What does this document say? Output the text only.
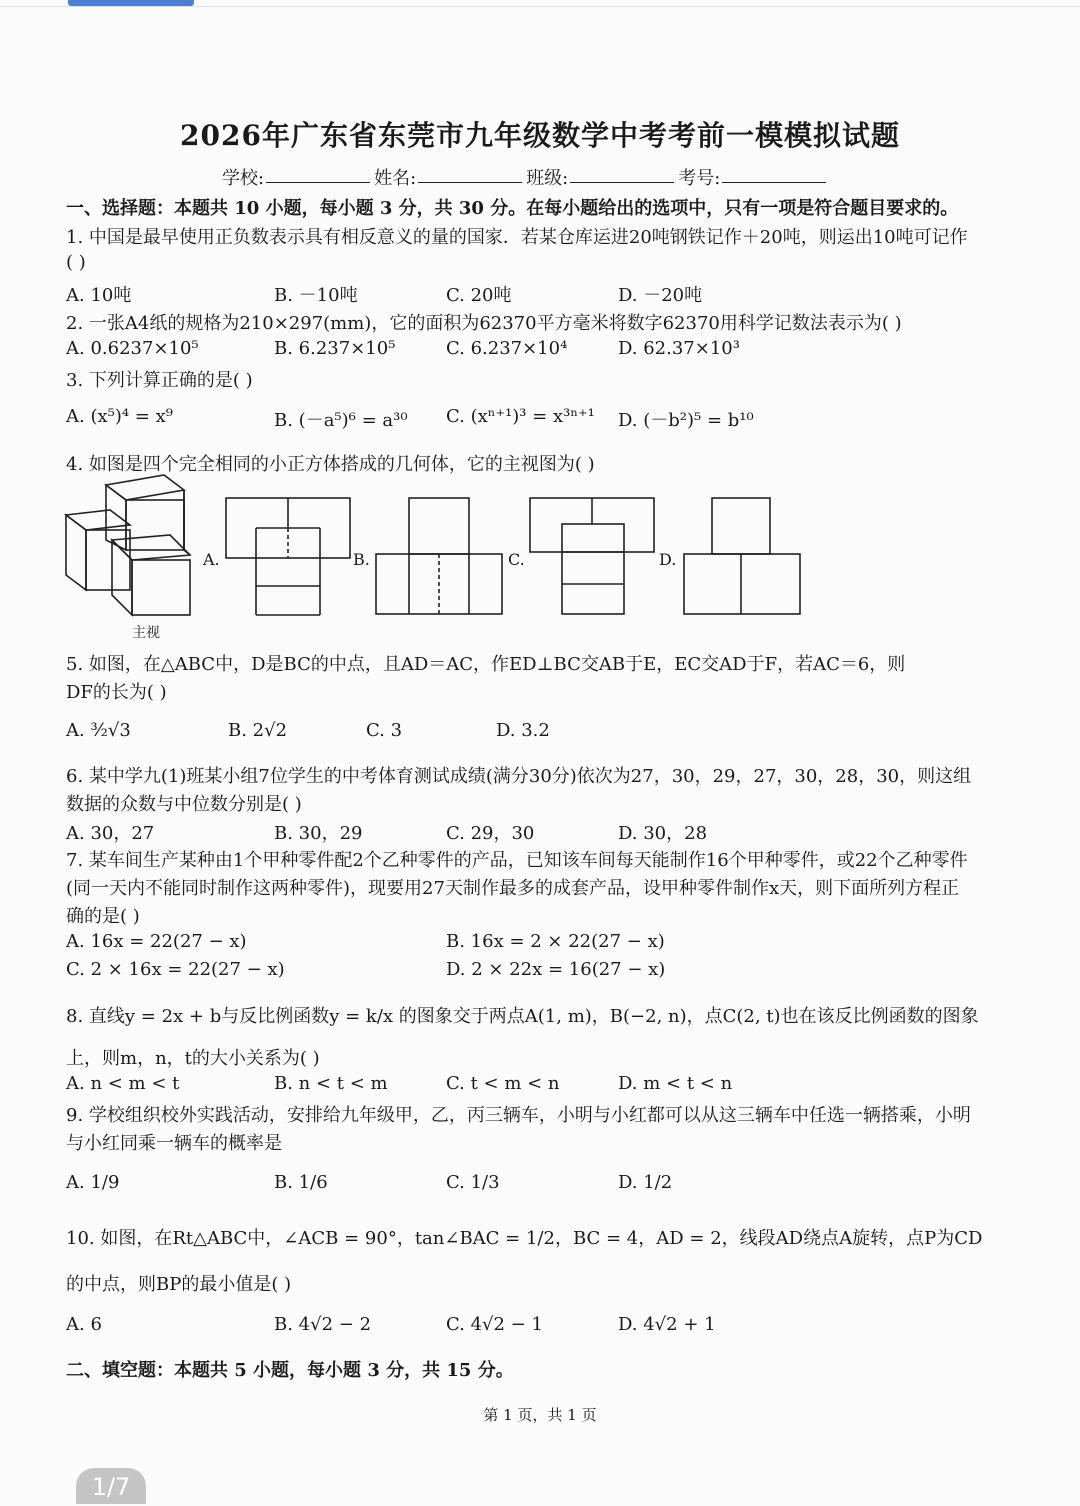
2026年广东省东莞市九年级数学中考考前一模模拟试题
学校:	姓名:	班级:	考号:
一、选择题：本题共 10 小题，每小题 3 分，共 30 分。在每小题给出的选项中，只有一项是符合题目要求的。
1. 中国是最早使用正负数表示具有相反意义的量的国家．若某仓库运进20吨钢铁记作＋20吨，则运出10吨可记作
( )
A. 10吨	B. －10吨	C. 20吨	D. －20吨
2. 一张A4纸的规格为210×297(mm)，它的面积为62370平方毫米将数字62370用科学记数法表示为( )
A. 0.6237×10⁵	B. 6.237×10⁵	C. 6.237×10⁴	D. 62.37×10³
3. 下列计算正确的是( )
A. (x⁵)⁴ = x⁹	B. (－a⁵)⁶ = a³⁰ C. (xⁿ⁺¹)³ = x³ⁿ⁺¹ D. (－b²)⁵ = b¹⁰
4. 如图是四个完全相同的小正方体搭成的几何体，它的主视图为( )
主视
A.	B.	C.	D.
5. 如图，在△ABC中，D是BC的中点，且AD＝AC，作ED⊥BC交AB于E，EC交AD于F，若AC＝6，则
DF的长为( )
A. ³⁄₂√3	B. 2√2	C. 3	D. 3.2
6. 某中学九(1)班某小组7位学生的中考体育测试成绩(满分30分)依次为27，30，29，27，30，28，30，则这组
数据的众数与中位数分别是( )
A. 30，27	B. 30，29	C. 29，30	D. 30，28
7. 某车间生产某种由1个甲种零件配2个乙种零件的产品，已知该车间每天能制作16个甲种零件，或22个乙种零件
(同一天内不能同时制作这两种零件)，现要用27天制作最多的成套产品，设甲种零件制作x天，则下面所列方程正
确的是( )
A. 16x = 22(27 − x)	B. 16x = 2 × 22(27 − x)
C. 2 × 16x = 22(27 − x)	D. 2 × 22x = 16(27 − x)
8. 直线y = 2x + b与反比例函数y = k/x 的图象交于两点A(1, m)，B(−2, n)，点C(2, t)也在该反比例函数的图象
上，则m，n，t的大小关系为( )
A. n < m < t	B. n < t < m	C. t < m < n	D. m < t < n
9. 学校组织校外实践活动，安排给九年级甲，乙，丙三辆车，小明与小红都可以从这三辆车中任选一辆搭乘，小明
与小红同乘一辆车的概率是
A. 1/9	B. 1/6	C. 1/3	D. 1/2
10. 如图，在Rt△ABC中，∠ACB = 90°，tan∠BAC = 1/2，BC = 4，AD = 2，线段AD绕点A旋转，点P为CD
的中点，则BP的最小值是( )
A. 6	B. 4√2 − 2	C. 4√2 − 1	D. 4√2 + 1
二、填空题：本题共 5 小题，每小题 3 分，共 15 分。
第 1 页，共 1 页
1/7
